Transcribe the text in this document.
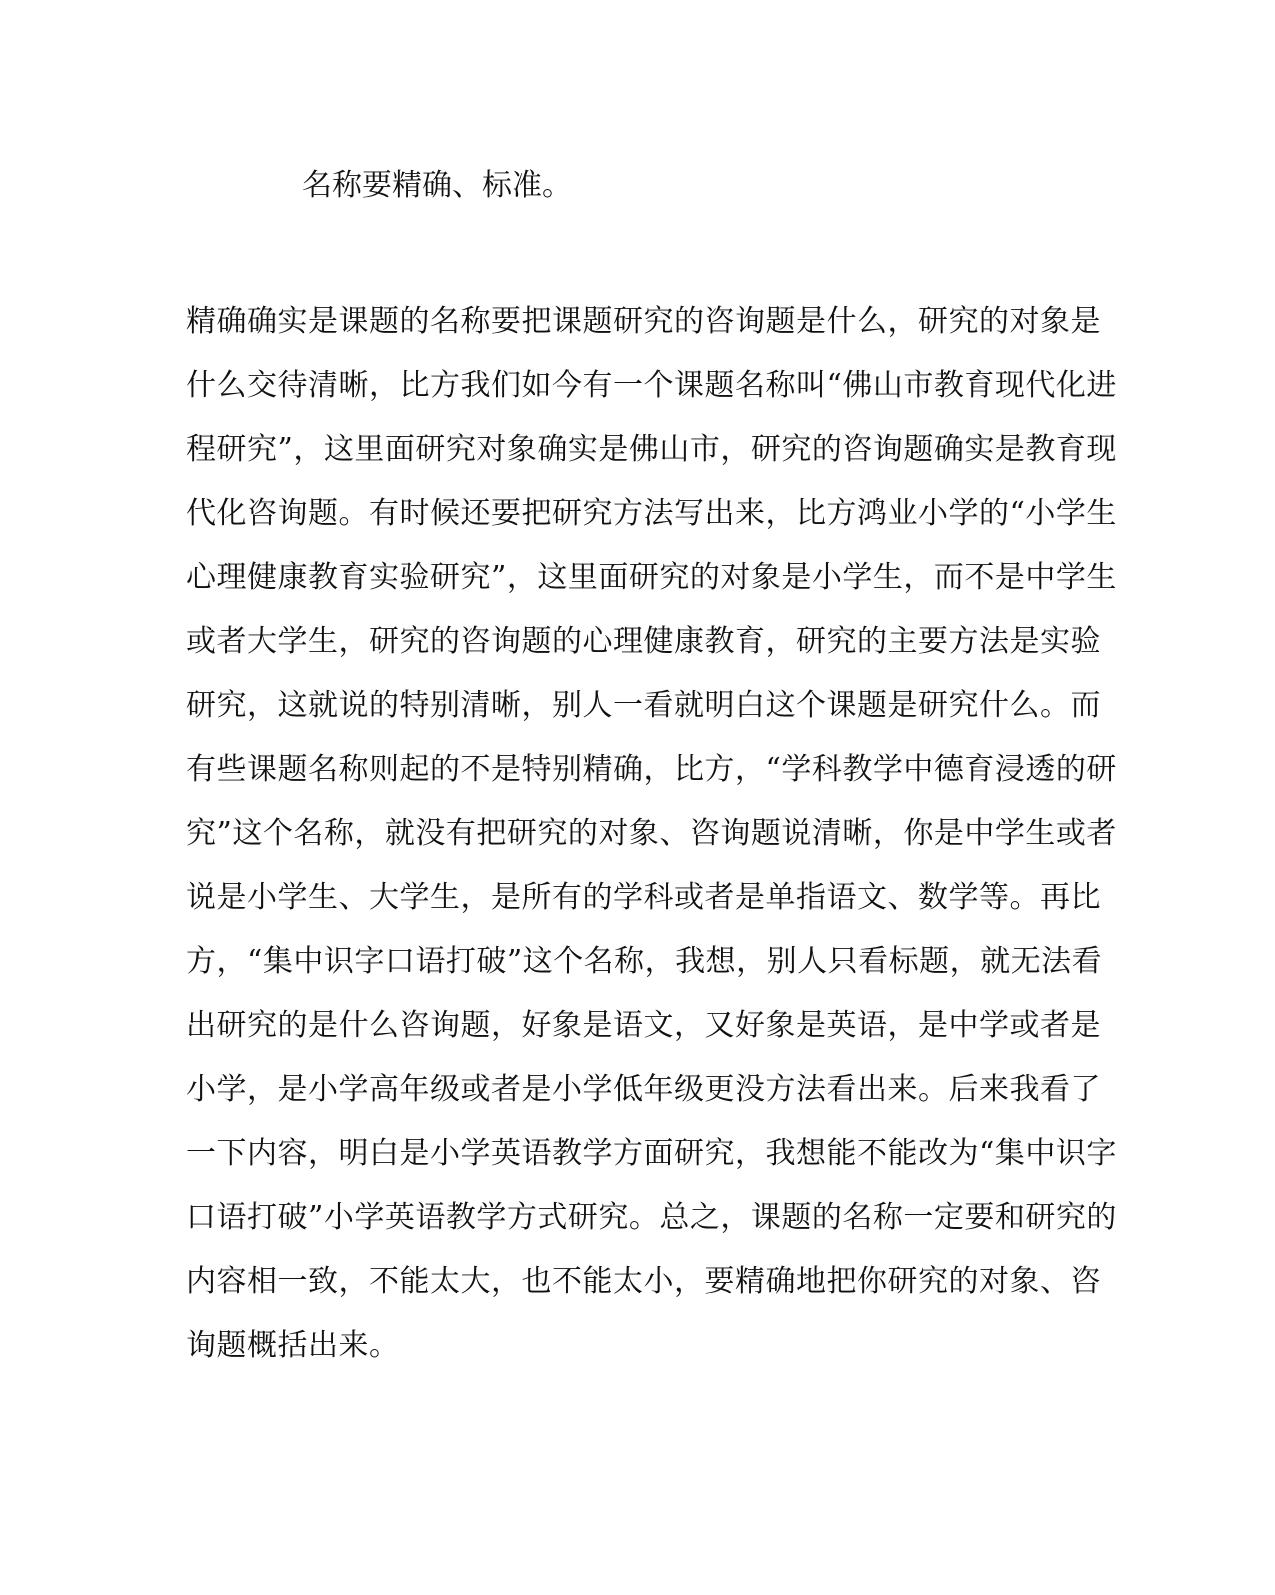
名称要精确、标准。

精确确实是课题的名称要把课题研究的咨询题是什么，研究的对象是
什么交待清晰，比方我们如今有一个课题名称叫“佛山市教育现代化进
程研究”，这里面研究对象确实是佛山市，研究的咨询题确实是教育现
代化咨询题。有时候还要把研究方法写出来，比方鸿业小学的“小学生
心理健康教育实验研究”，这里面研究的对象是小学生，而不是中学生
或者大学生，研究的咨询题的心理健康教育，研究的主要方法是实验
研究，这就说的特别清晰，别人一看就明白这个课题是研究什么。而
有些课题名称则起的不是特别精确，比方，“学科教学中德育浸透的研
究”这个名称，就没有把研究的对象、咨询题说清晰，你是中学生或者
说是小学生、大学生，是所有的学科或者是单指语文、数学等。再比
方，“集中识字口语打破”这个名称，我想，别人只看标题，就无法看
出研究的是什么咨询题，好象是语文，又好象是英语，是中学或者是
小学，是小学高年级或者是小学低年级更没方法看出来。后来我看了
一下内容，明白是小学英语教学方面研究，我想能不能改为“集中识字
口语打破”小学英语教学方式研究。总之，课题的名称一定要和研究的
内容相一致，不能太大，也不能太小，要精确地把你研究的对象、咨
询题概括出来。
